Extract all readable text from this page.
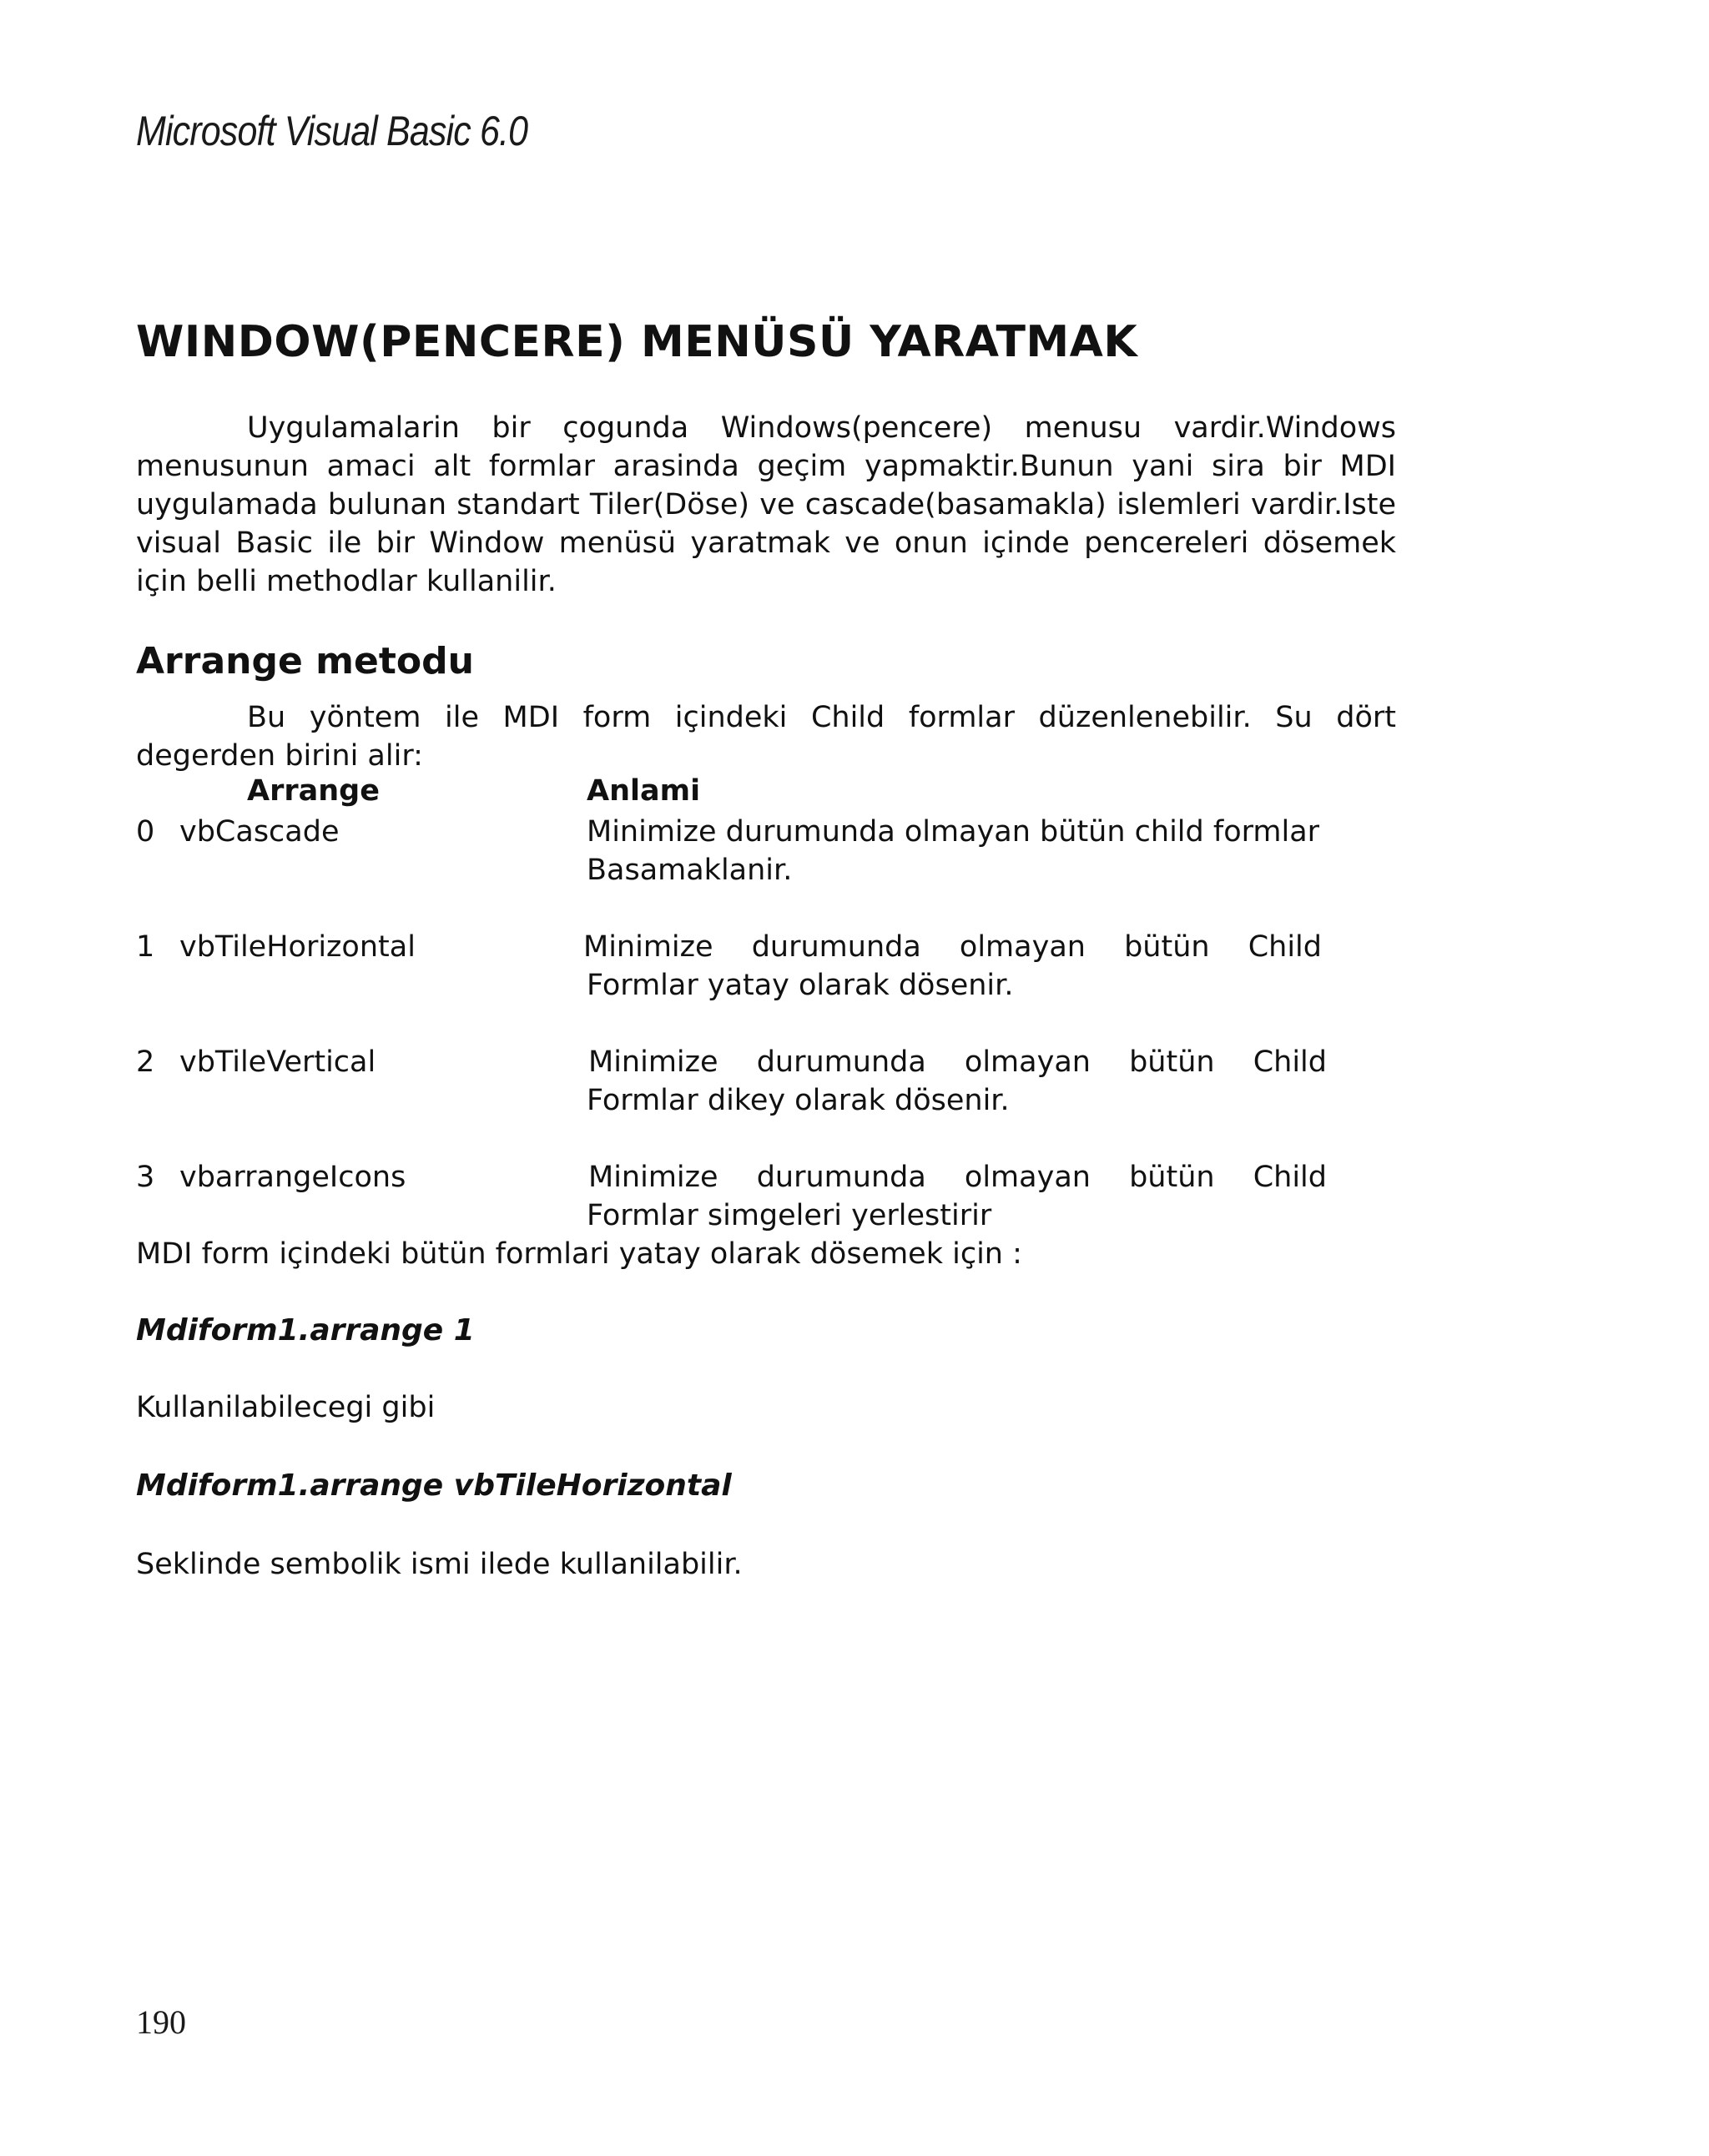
Microsoft Visual Basic 6.0
WINDOW(PENCERE) MENÜSÜ YARATMAK

Uygulamalarin bir çogunda Windows(pencere) menusu vardir.Windows menusunun amaci alt formlar arasinda geçim yapmaktir.Bunun yani sira bir MDI uygulamada bulunan standart Tiler(Döse) ve cascade(basamakla) islemleri vardir.Iste visual Basic ile bir Window menüsü yaratmak ve onun içinde pencereleri dösemek için belli methodlar kullanilir.

Arrange metodu

Bu yöntem ile MDI form içindeki Child formlar düzenlenebilir. Su dört degerden birini alir:

Arrange	Anlami
0 vbCascade	Minimize durumunda olmayan bütün child formlar
Basamaklanir.
1 vbTileHorizontal	Minimize durumunda olmayan bütün Child
Formlar yatay olarak dösenir.
2 vbTileVertical	Minimize durumunda olmayan bütün Child
Formlar dikey olarak dösenir.
3 vbarrangeIcons	Minimize durumunda olmayan bütün Child
Formlar simgeleri yerlestirir

MDI form içindeki bütün formlari yatay olarak dösemek için :

Mdiform1.arrange 1

Kullanilabilecegi gibi

Mdiform1.arrange vbTileHorizontal

Seklinde sembolik ismi ilede kullanilabilir.

190
